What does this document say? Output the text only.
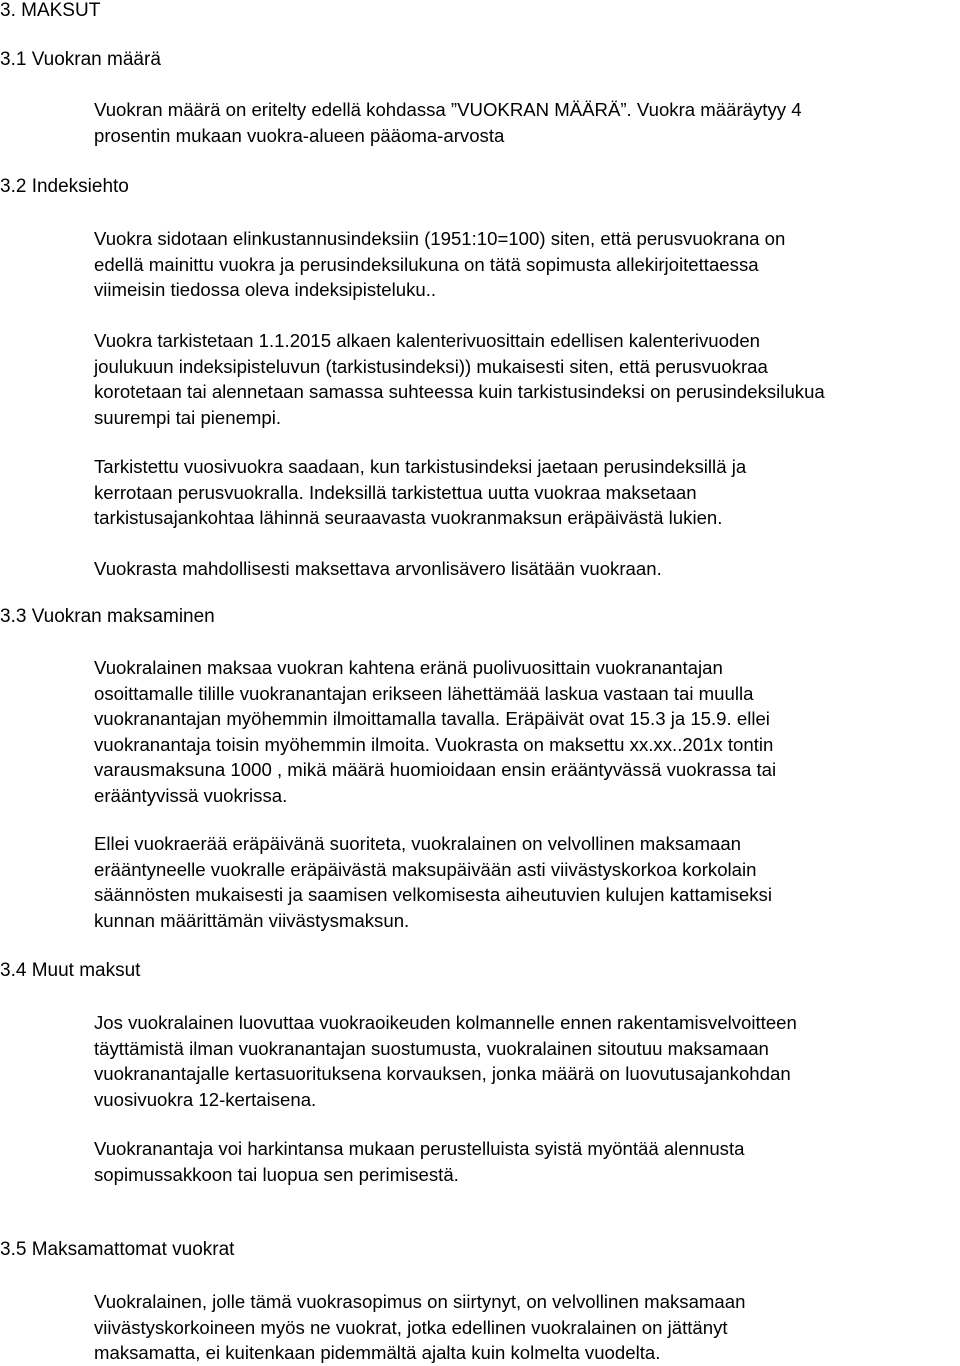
3. MAKSUT
3.1 Vuokran määrä

Vuokran määrä on eritelty edellä kohdassa ”VUOKRAN MÄÄRÄ”. Vuokra määräytyy 4
prosentin mukaan vuokra-alueen pääoma-arvosta

3.2 Indeksiehto

Vuokra sidotaan elinkustannusindeksiin (1951:10=100) siten, että perusvuokrana on
edellä mainittu vuokra ja perusindeksilukuna on tätä sopimusta allekirjoitettaessa
viimeisin tiedossa oleva indeksipisteluku..

Vuokra tarkistetaan 1.1.2015 alkaen kalenterivuosittain edellisen kalenterivuoden
joulukuun indeksipisteluvun (tarkistusindeksi)) mukaisesti siten, että perusvuokraa
korotetaan tai alennetaan samassa suhteessa kuin tarkistusindeksi on perusindeksilukua
suurempi tai pienempi.

Tarkistettu vuosivuokra saadaan, kun tarkistusindeksi jaetaan perusindeksillä ja
kerrotaan perusvuokralla. Indeksillä tarkistettua uutta vuokraa maksetaan
tarkistusajankohtaa lähinnä seuraavasta vuokranmaksun eräpäivästä lukien.

Vuokrasta mahdollisesti maksettava arvonlisävero lisätään vuokraan.

3.3 Vuokran maksaminen

Vuokralainen maksaa vuokran kahtena eränä puolivuosittain vuokranantajan
osoittamalle tilille vuokranantajan erikseen lähettämää laskua vastaan tai muulla
vuokranantajan myöhemmin ilmoittamalla tavalla. Eräpäivät ovat 15.3 ja 15.9. ellei
vuokranantaja toisin myöhemmin ilmoita. Vuokrasta on maksettu xx.xx..201x tontin
varausmaksuna 1000 , mikä määrä huomioidaan ensin erääntyvässä vuokrassa tai
erääntyvissä vuokrissa.

Ellei vuokraerää eräpäivänä suoriteta, vuokralainen on velvollinen maksamaan
erääntyneelle vuokralle eräpäivästä maksupäivään asti viivästyskorkoa korkolain
säännösten mukaisesti ja saamisen velkomisesta aiheutuvien kulujen kattamiseksi
kunnan määrittämän viivästysmaksun.

3.4 Muut maksut

Jos vuokralainen luovuttaa vuokraoikeuden kolmannelle ennen rakentamisvelvoitteen
täyttämistä ilman vuokranantajan suostumusta, vuokralainen sitoutuu maksamaan
vuokranantajalle kertasuorituksena korvauksen, jonka määrä on luovutusajankohdan
vuosivuokra 12-kertaisena.

Vuokranantaja voi harkintansa mukaan perustelluista syistä myöntää alennusta
sopimussakkoon tai luopua sen perimisestä.

3.5 Maksamattomat vuokrat

Vuokralainen, jolle tämä vuokrasopimus on siirtynyt, on velvollinen maksamaan
viivästyskorkoineen myös ne vuokrat, jotka edellinen vuokralainen on jättänyt
maksamatta, ei kuitenkaan pidemmältä ajalta kuin kolmelta vuodelta.
